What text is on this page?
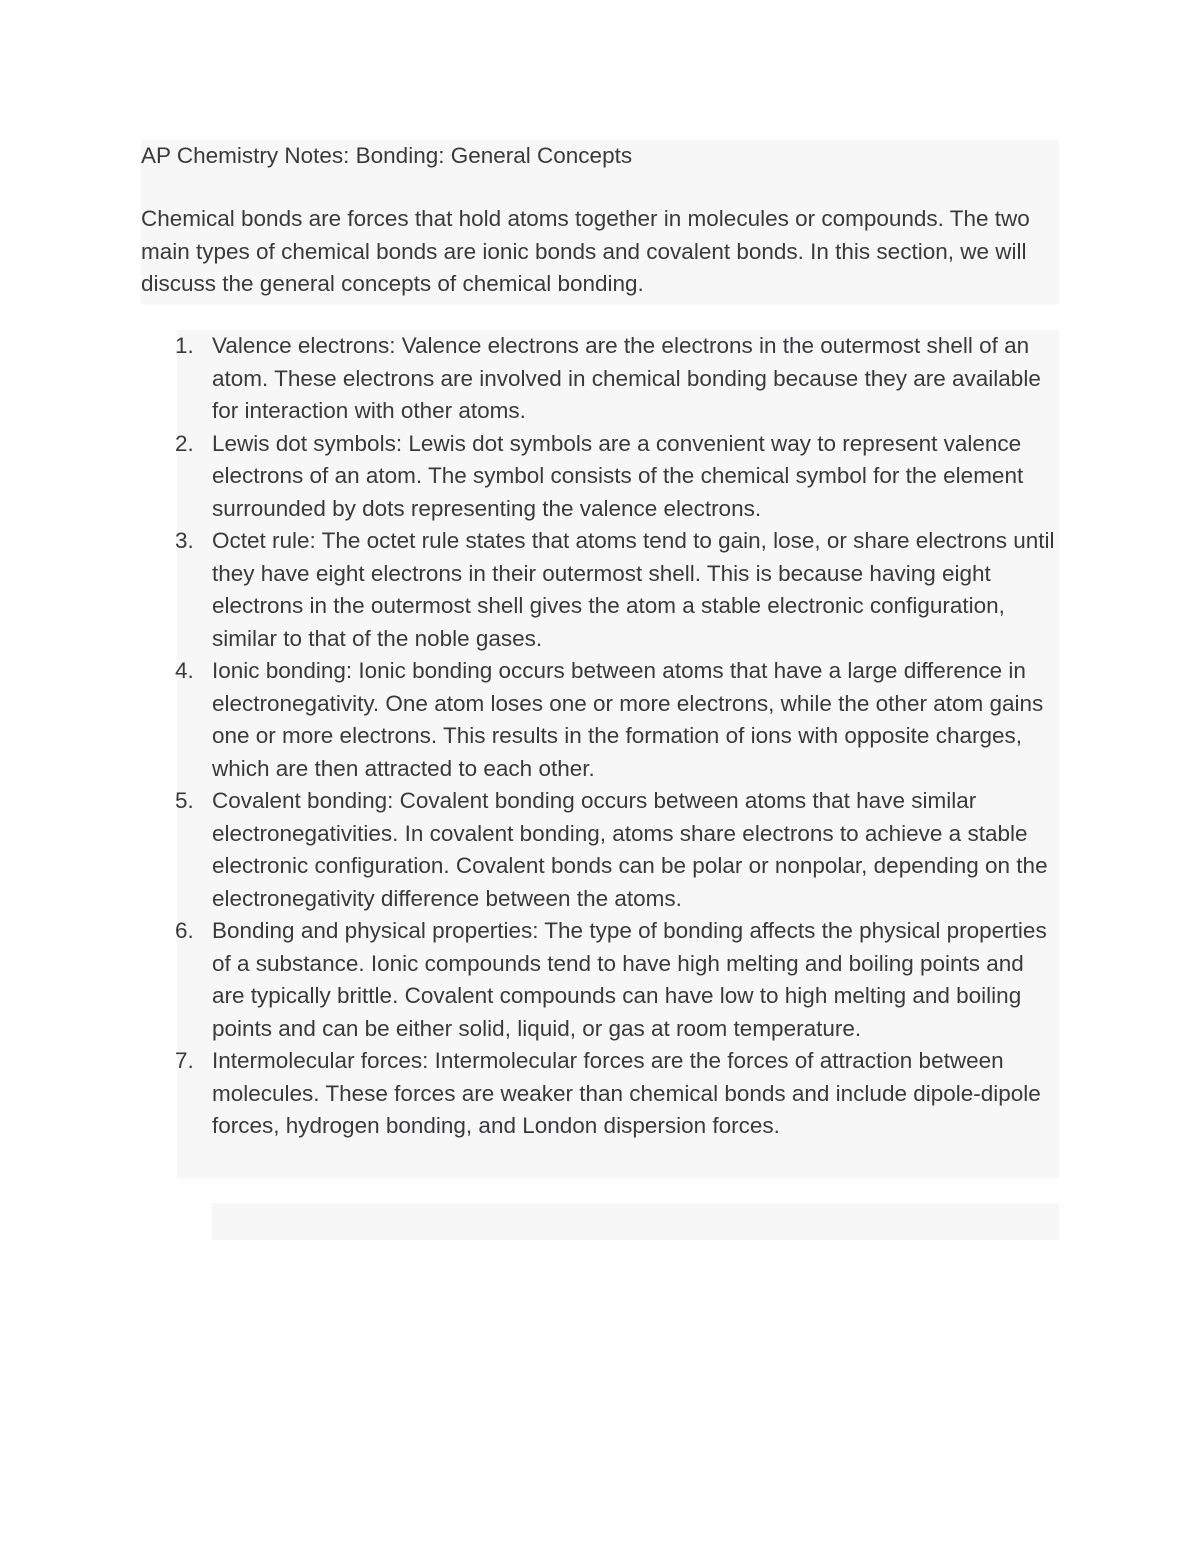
AP Chemistry Notes: Bonding: General Concepts

Chemical bonds are forces that hold atoms together in molecules or compounds. The two main types of chemical bonds are ionic bonds and covalent bonds. In this section, we will discuss the general concepts of chemical bonding.

1. Valence electrons: Valence electrons are the electrons in the outermost shell of an atom. These electrons are involved in chemical bonding because they are available for interaction with other atoms.
2. Lewis dot symbols: Lewis dot symbols are a convenient way to represent valence electrons of an atom. The symbol consists of the chemical symbol for the element surrounded by dots representing the valence electrons.
3. Octet rule: The octet rule states that atoms tend to gain, lose, or share electrons until they have eight electrons in their outermost shell. This is because having eight electrons in the outermost shell gives the atom a stable electronic configuration, similar to that of the noble gases.
4. Ionic bonding: Ionic bonding occurs between atoms that have a large difference in electronegativity. One atom loses one or more electrons, while the other atom gains one or more electrons. This results in the formation of ions with opposite charges, which are then attracted to each other.
5. Covalent bonding: Covalent bonding occurs between atoms that have similar electronegativities. In covalent bonding, atoms share electrons to achieve a stable electronic configuration. Covalent bonds can be polar or nonpolar, depending on the electronegativity difference between the atoms.
6. Bonding and physical properties: The type of bonding affects the physical properties of a substance. Ionic compounds tend to have high melting and boiling points and are typically brittle. Covalent compounds can have low to high melting and boiling points and can be either solid, liquid, or gas at room temperature.
7. Intermolecular forces: Intermolecular forces are the forces of attraction between molecules. These forces are weaker than chemical bonds and include dipole-dipole forces, hydrogen bonding, and London dispersion forces.
